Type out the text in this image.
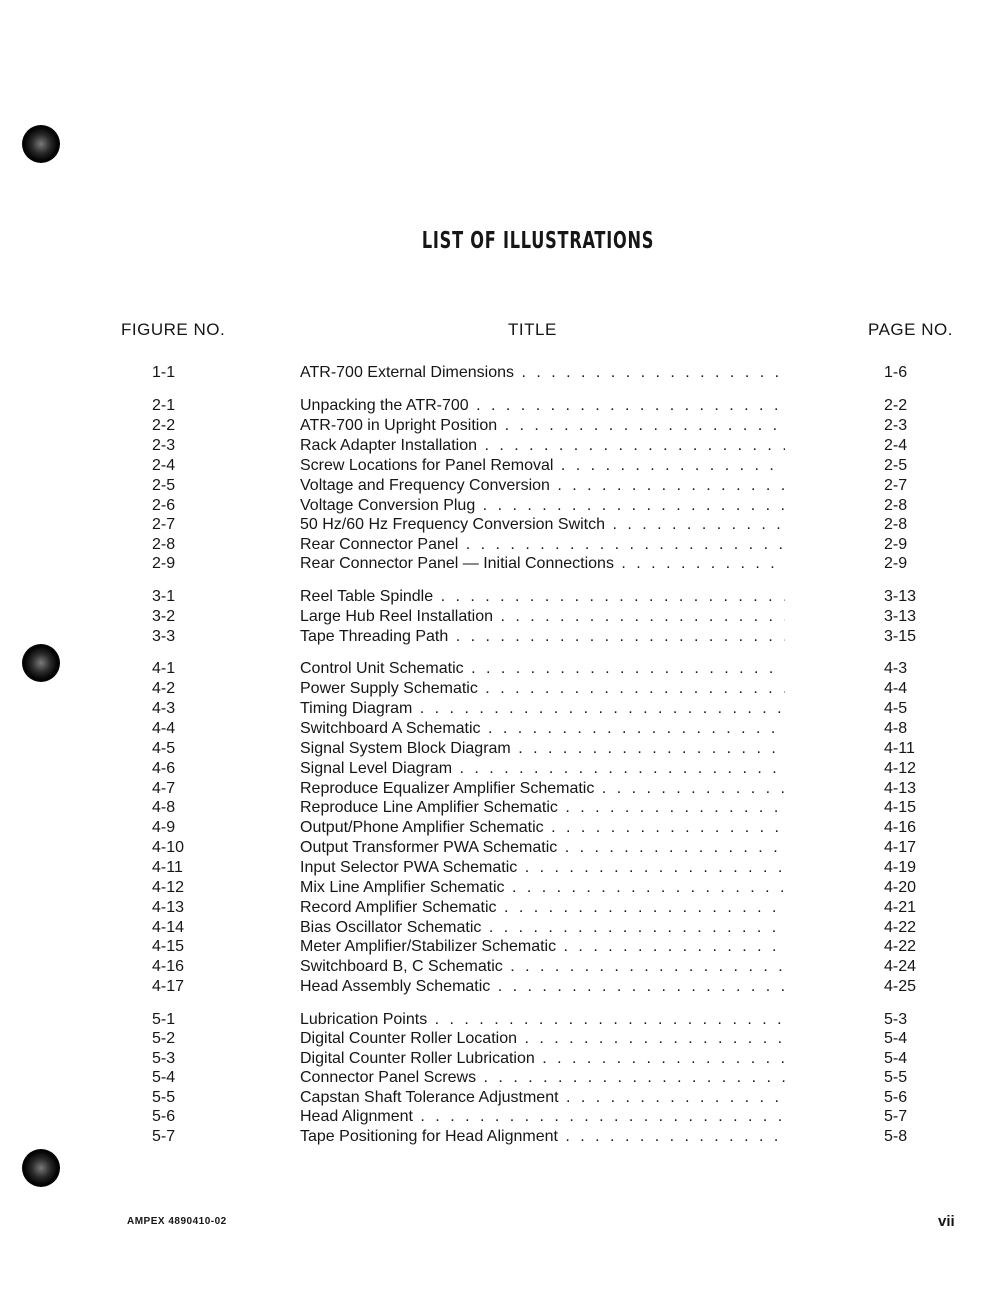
LIST OF ILLUSTRATIONS
FIGURE NO.	TITLE	PAGE NO.
1-1	ATR-700 External Dimensions . . .	1-6
2-1	Unpacking the ATR-700 . . .	2-2
2-2	ATR-700 in Upright Position . . .	2-3
2-3	Rack Adapter Installation . . .	2-4
2-4	Screw Locations for Panel Removal . . .	2-5
2-5	Voltage and Frequency Conversion . . .	2-7
2-6	Voltage Conversion Plug . . .	2-8
2-7	50 Hz/60 Hz Frequency Conversion Switch . . .	2-8
2-8	Rear Connector Panel . . .	2-9
2-9	Rear Connector Panel — Initial Connections . . .	2-9
3-1	Reel Table Spindle . . .	3-13
3-2	Large Hub Reel Installation . . .	3-13
3-3	Tape Threading Path . . .	3-15
4-1	Control Unit Schematic . . .	4-3
4-2	Power Supply Schematic . . .	4-4
4-3	Timing Diagram . . .	4-5
4-4	Switchboard A Schematic . . .	4-8
4-5	Signal System Block Diagram . . .	4-11
4-6	Signal Level Diagram . . .	4-12
4-7	Reproduce Equalizer Amplifier Schematic . . .	4-13
4-8	Reproduce Line Amplifier Schematic . . .	4-15
4-9	Output/Phone Amplifier Schematic . . .	4-16
4-10	Output Transformer PWA Schematic . . .	4-17
4-11	Input Selector PWA Schematic . . .	4-19
4-12	Mix Line Amplifier Schematic . . .	4-20
4-13	Record Amplifier Schematic . . .	4-21
4-14	Bias Oscillator Schematic . . .	4-22
4-15	Meter Amplifier/Stabilizer Schematic . . .	4-22
4-16	Switchboard B, C Schematic . . .	4-24
4-17	Head Assembly Schematic . . .	4-25
5-1	Lubrication Points . . .	5-3
5-2	Digital Counter Roller Location . . .	5-4
5-3	Digital Counter Roller Lubrication . . .	5-4
5-4	Connector Panel Screws . . .	5-5
5-5	Capstan Shaft Tolerance Adjustment . . .	5-6
5-6	Head Alignment . . .	5-7
5-7	Tape Positioning for Head Alignment . . .	5-8
AMPEX 4890410-02	vii
